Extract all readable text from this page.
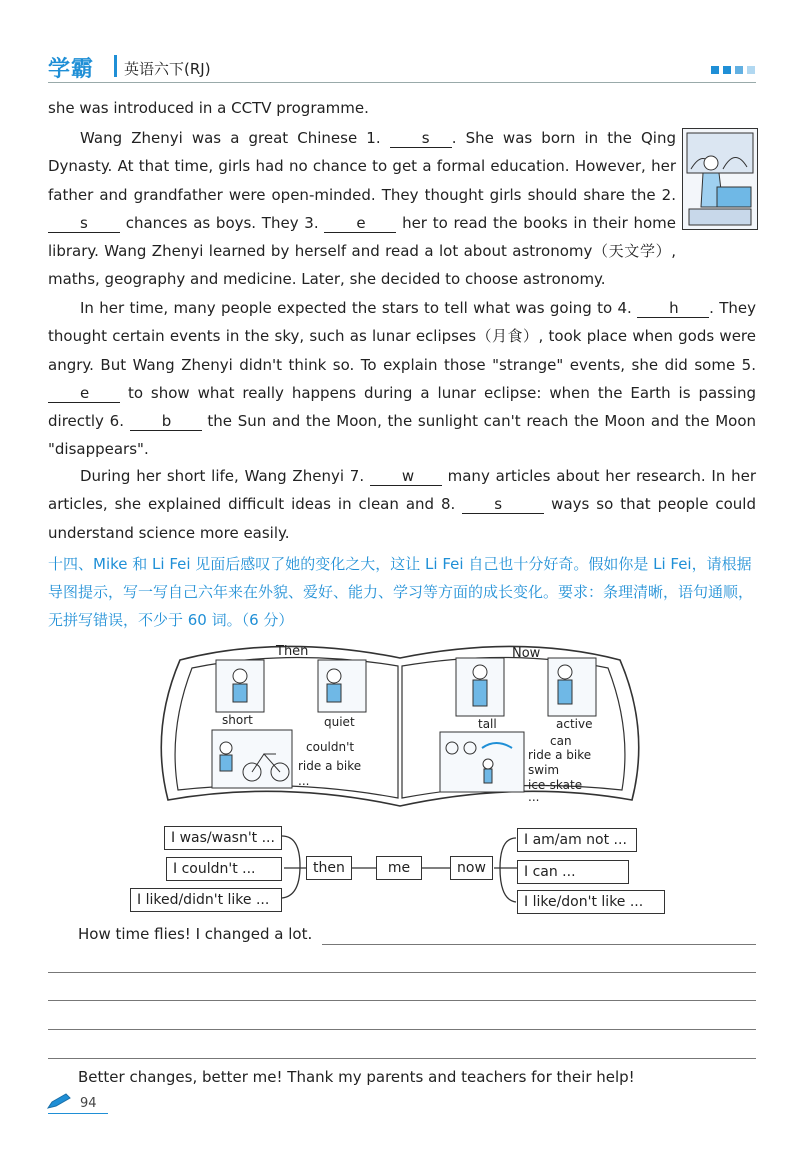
学霸 英语六下(RJ)
she was introduced in a CCTV programme.
Wang Zhenyi was a great Chinese 1. s . She was born in the Qing Dynasty. At that time, girls had no chance to get a formal education. However, her father and grandfather were open-minded. They thought girls should share the 2. s chances as boys. They 3. e her to read the books in their home library. Wang Zhenyi learned by herself and read a lot about astronomy（天文学）, maths, geography and medicine. Later, she decided to choose astronomy.
In her time, many people expected the stars to tell what was going to 4. h . They thought certain events in the sky, such as lunar eclipses（月食）, took place when gods were angry. But Wang Zhenyi didn't think so. To explain those "strange" events, she did some 5. e to show what really happens during a lunar eclipse: when the Earth is passing directly 6. b the Sun and the Moon, the sunlight can't reach the Moon and the Moon "disappears".
During her short life, Wang Zhenyi 7. w many articles about her research. In her articles, she explained difficult ideas in clean and 8. s	ways so that people could understand science more easily.
十四、Mike 和 Li Fei 见面后感叹了她的变化之大，这让 Li Fei 自己也十分好奇。假如你是 Li Fei，请根据导图提示，写一写自己六年来在外貌、爱好、能力、学习等方面的成长变化。要求：条理清晰，语句通顺，无拼写错误，不少于 60 词。（6 分）
Then	Now
short	quiet	tall	active
couldn't
ride a bike
...
can
ride a bike
swim
ice-skate
...
I was/wasn't ...
I couldn't ...
I liked/didn't like ...
then	me	now
I am/am not ...
I can ...
I like/don't like ...
How time flies! I changed a lot.
Better changes, better me! Thank my parents and teachers for their help!
94
